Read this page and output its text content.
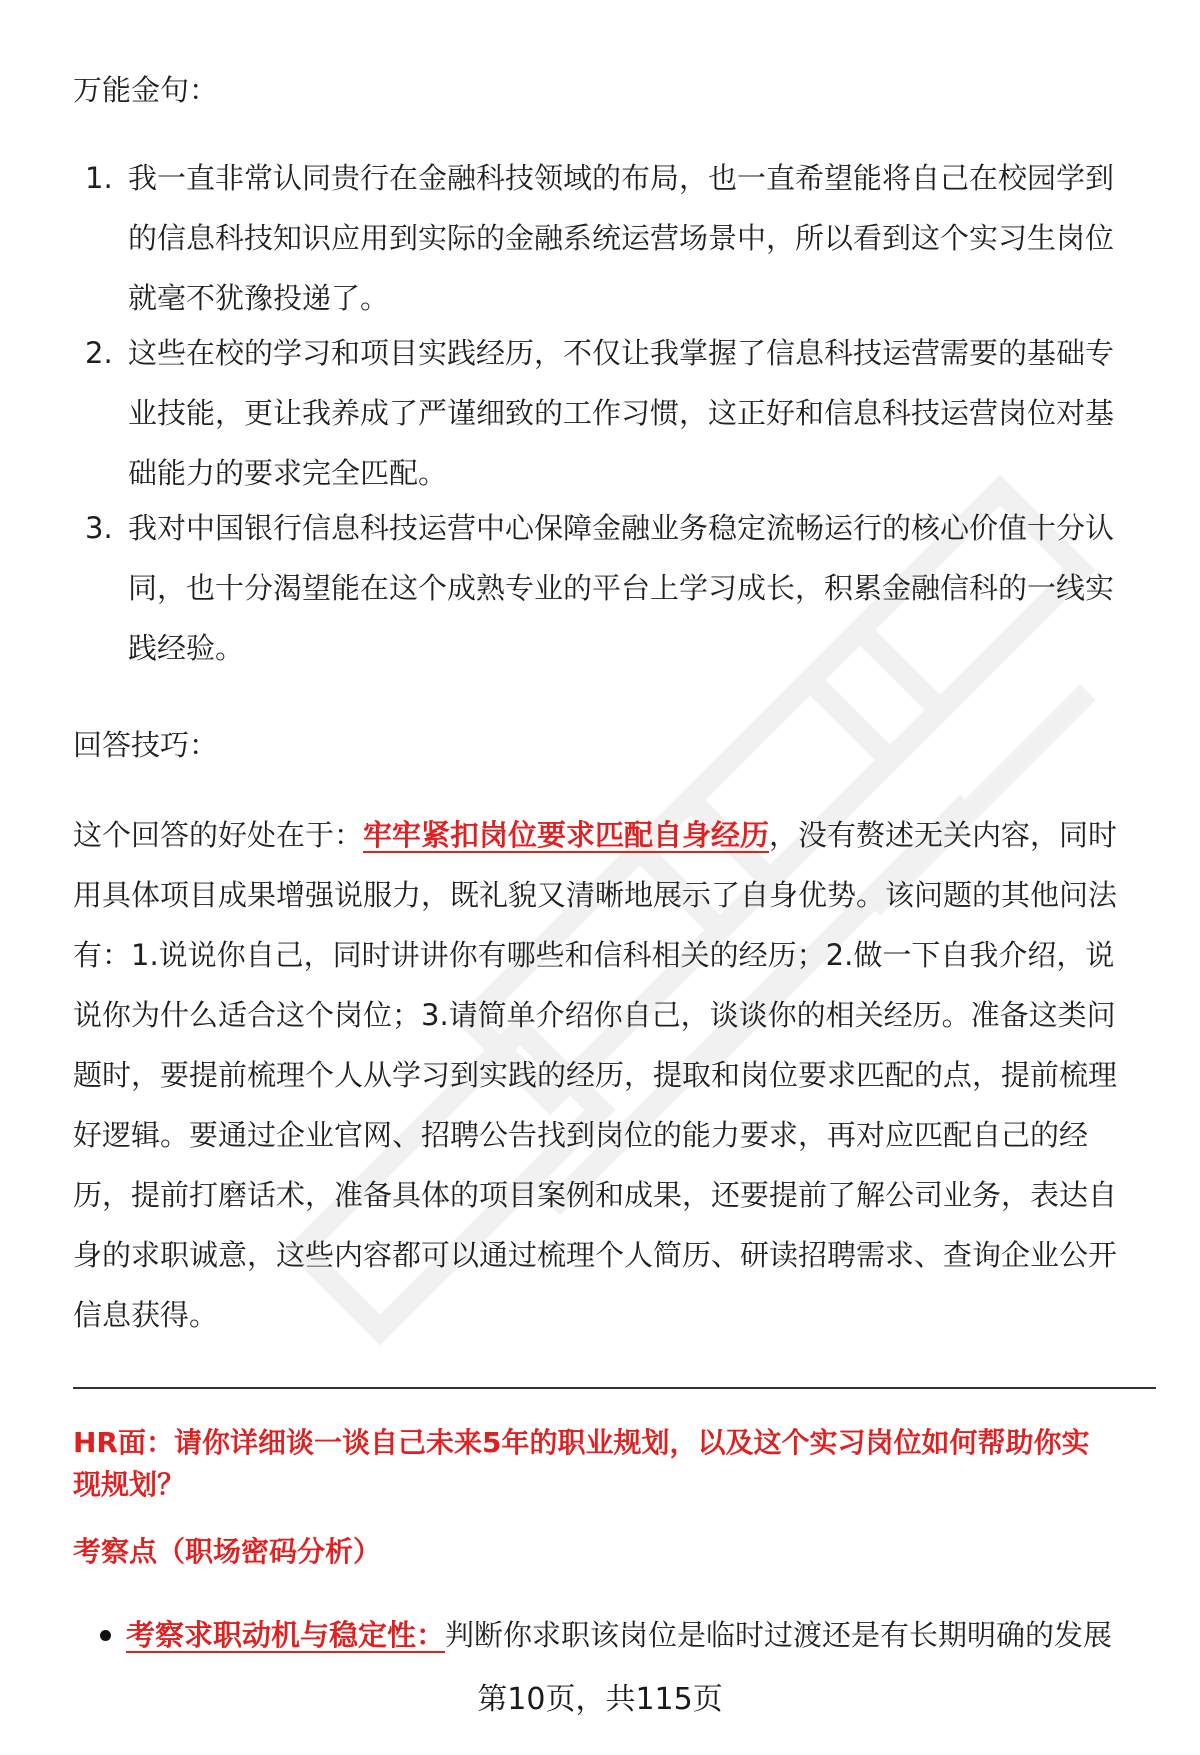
万能金句：

1. 我一直非常认同贵行在金融科技领域的布局，也一直希望能将自己在校园学到
的信息科技知识应用到实际的金融系统运营场景中，所以看到这个实习生岗位
就毫不犹豫投递了。
2. 这些在校的学习和项目实践经历，不仅让我掌握了信息科技运营需要的基础专
业技能，更让我养成了严谨细致的工作习惯，这正好和信息科技运营岗位对基
础能力的要求完全匹配。
3. 我对中国银行信息科技运营中心保障金融业务稳定流畅运行的核心价值十分认
同，也十分渴望能在这个成熟专业的平台上学习成长，积累金融信科的一线实
践经验。

回答技巧：

这个回答的好处在于：牢牢紧扣岗位要求匹配自身经历，没有赘述无关内容，同时

用具体项目成果增强说服力，既礼貌又清晰地展示了自身优势。该问题的其他问法

有：1.说说你自己，同时讲讲你有哪些和信科相关的经历；2.做一下自我介绍，说

说你为什么适合这个岗位；3.请简单介绍你自己，谈谈你的相关经历。准备这类问

题时，要提前梳理个人从学习到实践的经历，提取和岗位要求匹配的点，提前梳理

好逻辑。要通过企业官网、招聘公告找到岗位的能力要求，再对应匹配自己的经

历，提前打磨话术，准备具体的项目案例和成果，还要提前了解公司业务，表达自

身的求职诚意，这些内容都可以通过梳理个人简历、研读招聘需求、查询企业公开

信息获得。

HR面：请你详细谈一谈自己未来5年的职业规划，以及这个实习岗位如何帮助你实

现规划？

考察点（职场密码分析）

考察求职动机与稳定性：判断你求职该岗位是临时过渡还是有长期明确的发展
第10页，共115页
